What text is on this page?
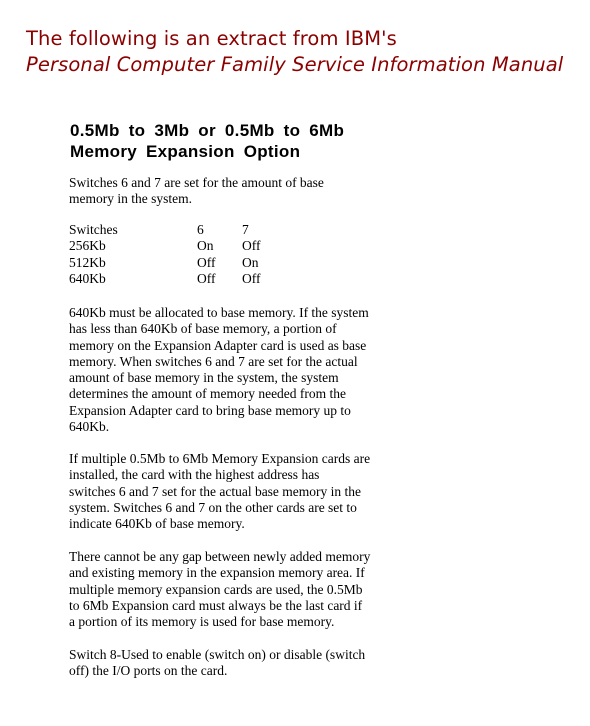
The following is an extract from IBM's
Personal Computer Family Service Information Manual
0.5Mb to 3Mb or 0.5Mb to 6Mb
Memory Expansion Option
Switches 6 and 7 are set for the amount of base
memory in the system.
Switches	6	7
256Kb	On Off
512Kb	Off On
640Kb	Off Off
640Kb must be allocated to base memory. If the system
has less than 640Kb of base memory, a portion of
memory on the Expansion Adapter card is used as base
memory. When switches 6 and 7 are set for the actual
amount of base memory in the system, the system
determines the amount of memory needed from the
Expansion Adapter card to bring base memory up to
640Kb.
If multiple 0.5Mb to 6Mb Memory Expansion cards are
installed, the card with the highest address has
switches 6 and 7 set for the actual base memory in the
system. Switches 6 and 7 on the other cards are set to
indicate 640Kb of base memory.
There cannot be any gap between newly added memory
and existing memory in the expansion memory area. If
multiple memory expansion cards are used, the 0.5Mb
to 6Mb Expansion card must always be the last card if
a portion of its memory is used for base memory.
Switch 8-Used to enable (switch on) or disable (switch
off) the I/O ports on the card.
